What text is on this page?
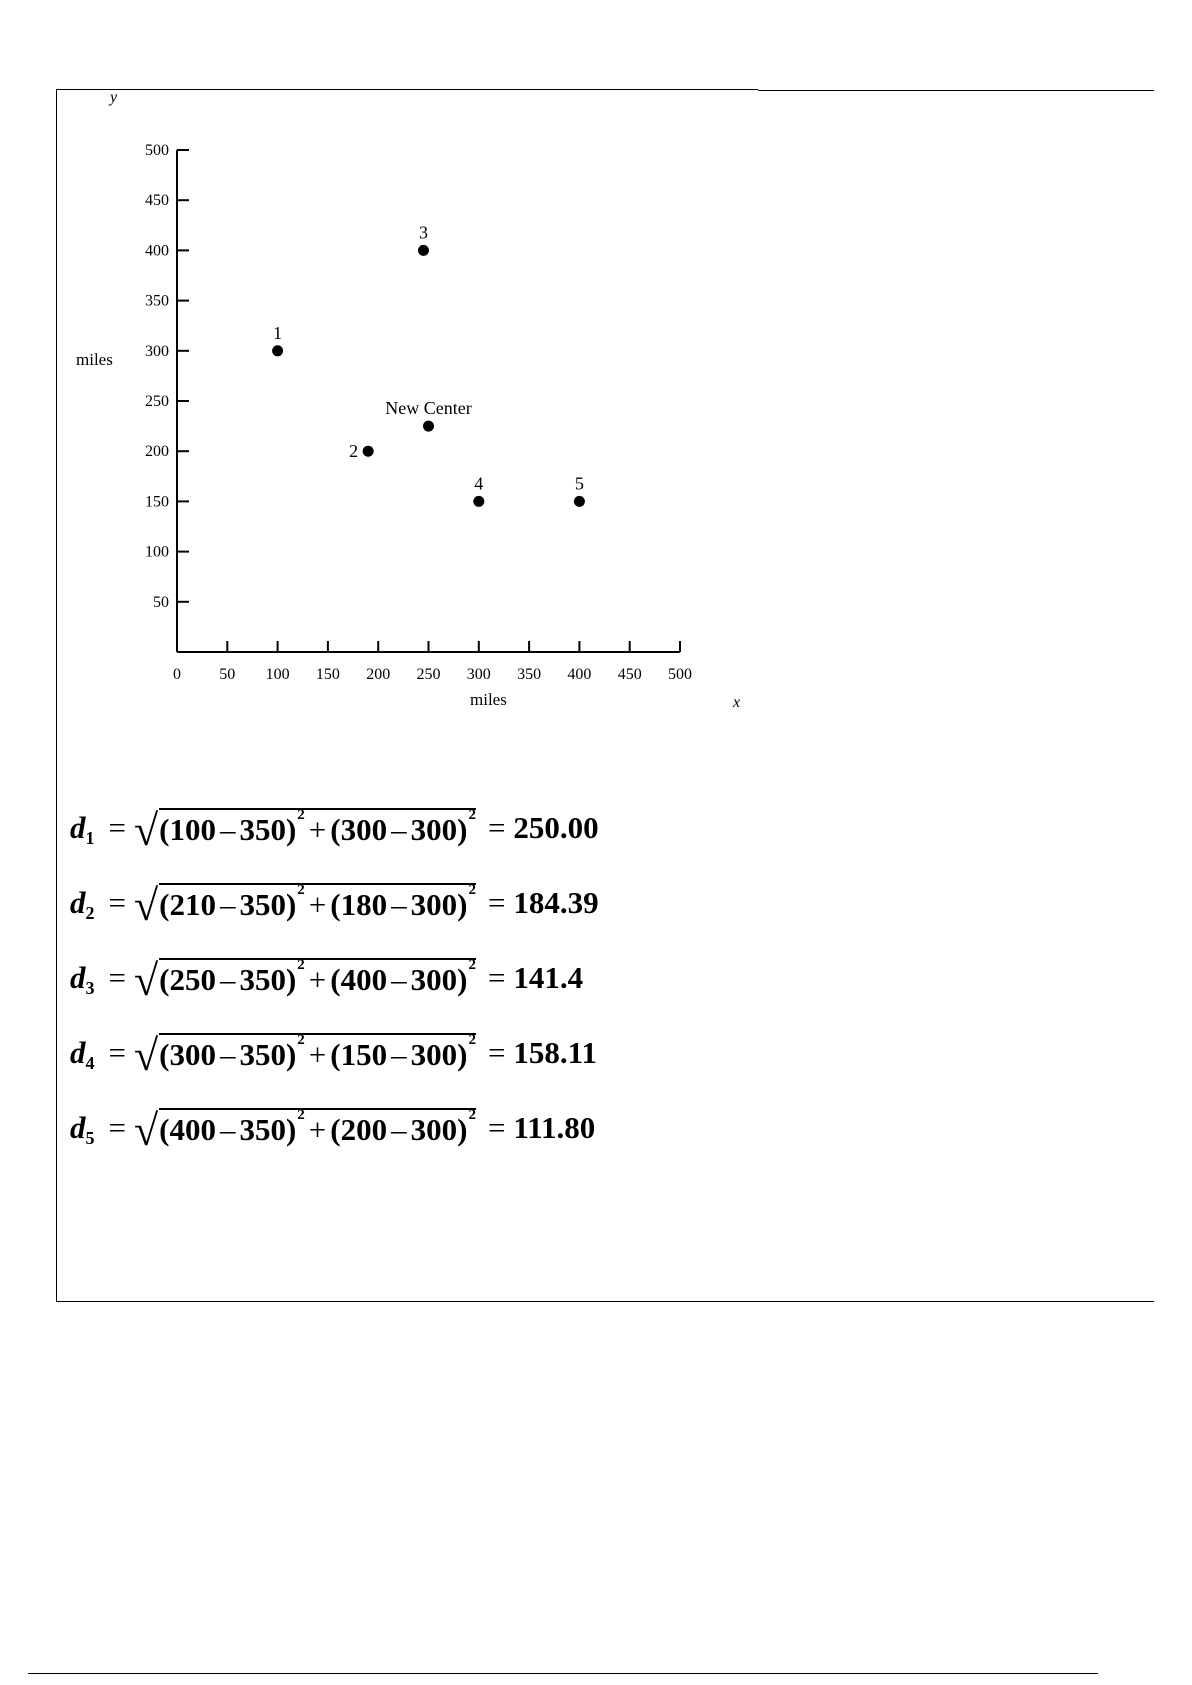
50
100
150
200
250
300
350
400
450
500
0 50 100 150 200 250 300 350 400 450 500
1
2
3
New Center
4	5
y
miles
miles	x
d 1 = √ ( 100 – 350 ) 2 + ( 300 – 300 ) 2 = 250.00
d 2 = √ ( 210 – 350 ) 2 + ( 180 – 300 ) 2 = 184.39
d 3 = √ ( 250 – 350 ) 2 + ( 400 – 300 ) 2 = 141.4
d 4 = √ ( 300 – 350 ) 2 + ( 150 – 300 ) 2 = 158.11
d 5 = √ ( 400 – 350 ) 2 + ( 200 – 300 ) 2 = 111.80
